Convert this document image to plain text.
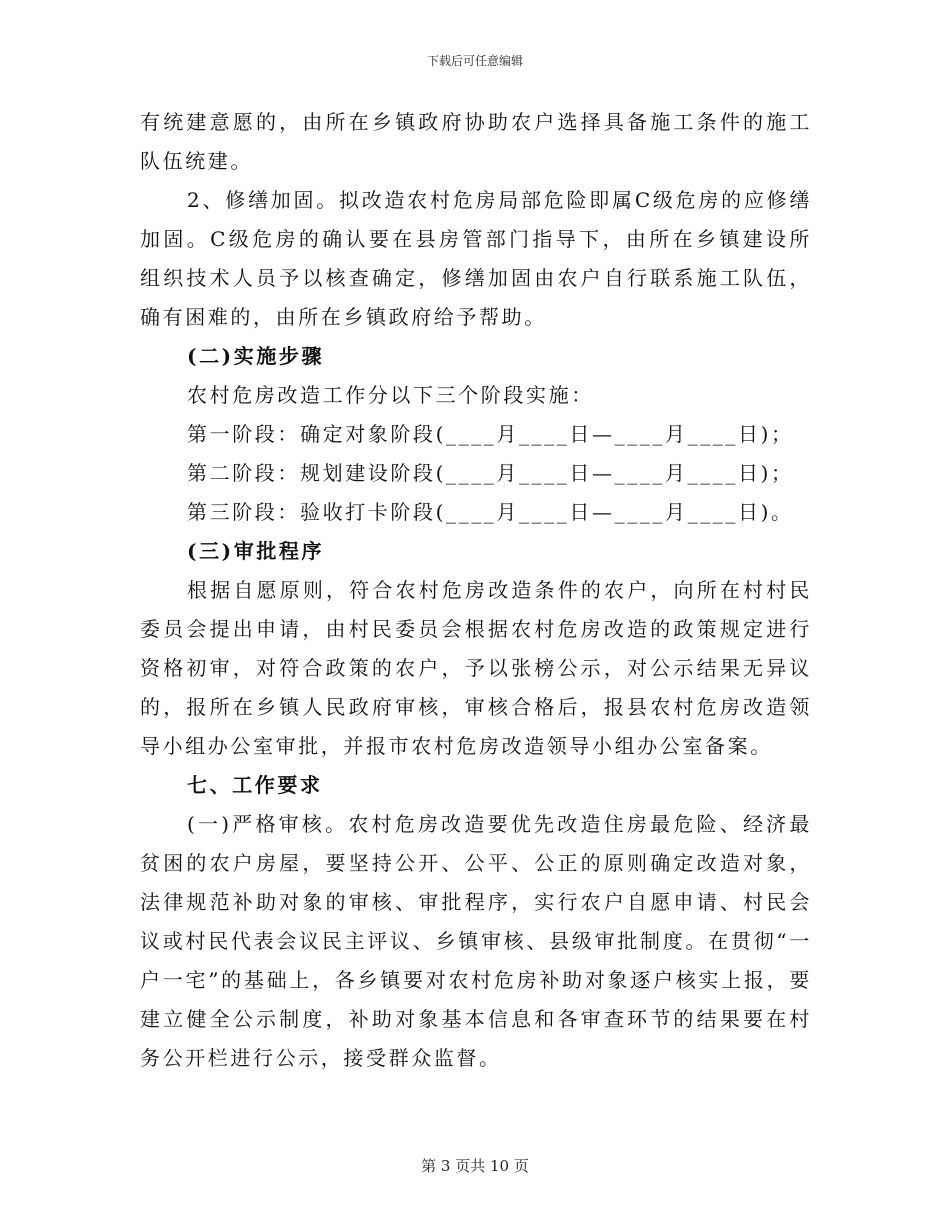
下载后可任意编辑

有统建意愿的，由所在乡镇政府协助农户选择具备施工条件的施工队伍统建。

2、修缮加固。拟改造农村危房局部危险即属C级危房的应修缮加固。C级危房的确认要在县房管部门指导下，由所在乡镇建设所组织技术人员予以核查确定，修缮加固由农户自行联系施工队伍，确有困难的，由所在乡镇政府给予帮助。

(二)实施步骤

农村危房改造工作分以下三个阶段实施：

第一阶段：确定对象阶段(____月____日—____月____日)；

第二阶段：规划建设阶段(____月____日—____月____日)；

第三阶段：验收打卡阶段(____月____日—____月____日)。

(三)审批程序

根据自愿原则，符合农村危房改造条件的农户，向所在村村民委员会提出申请，由村民委员会根据农村危房改造的政策规定进行资格初审，对符合政策的农户，予以张榜公示，对公示结果无异议的，报所在乡镇人民政府审核，审核合格后，报县农村危房改造领导小组办公室审批，并报市农村危房改造领导小组办公室备案。

七、工作要求

(一)严格审核。农村危房改造要优先改造住房最危险、经济最贫困的农户房屋，要坚持公开、公平、公正的原则确定改造对象，法律规范补助对象的审核、审批程序，实行农户自愿申请、村民会议或村民代表会议民主评议、乡镇审核、县级审批制度。在贯彻“一户一宅”的基础上，各乡镇要对农村危房补助对象逐户核实上报，要建立健全公示制度，补助对象基本信息和各审查环节的结果要在村务公开栏进行公示，接受群众监督。

第 3 页共 10 页
